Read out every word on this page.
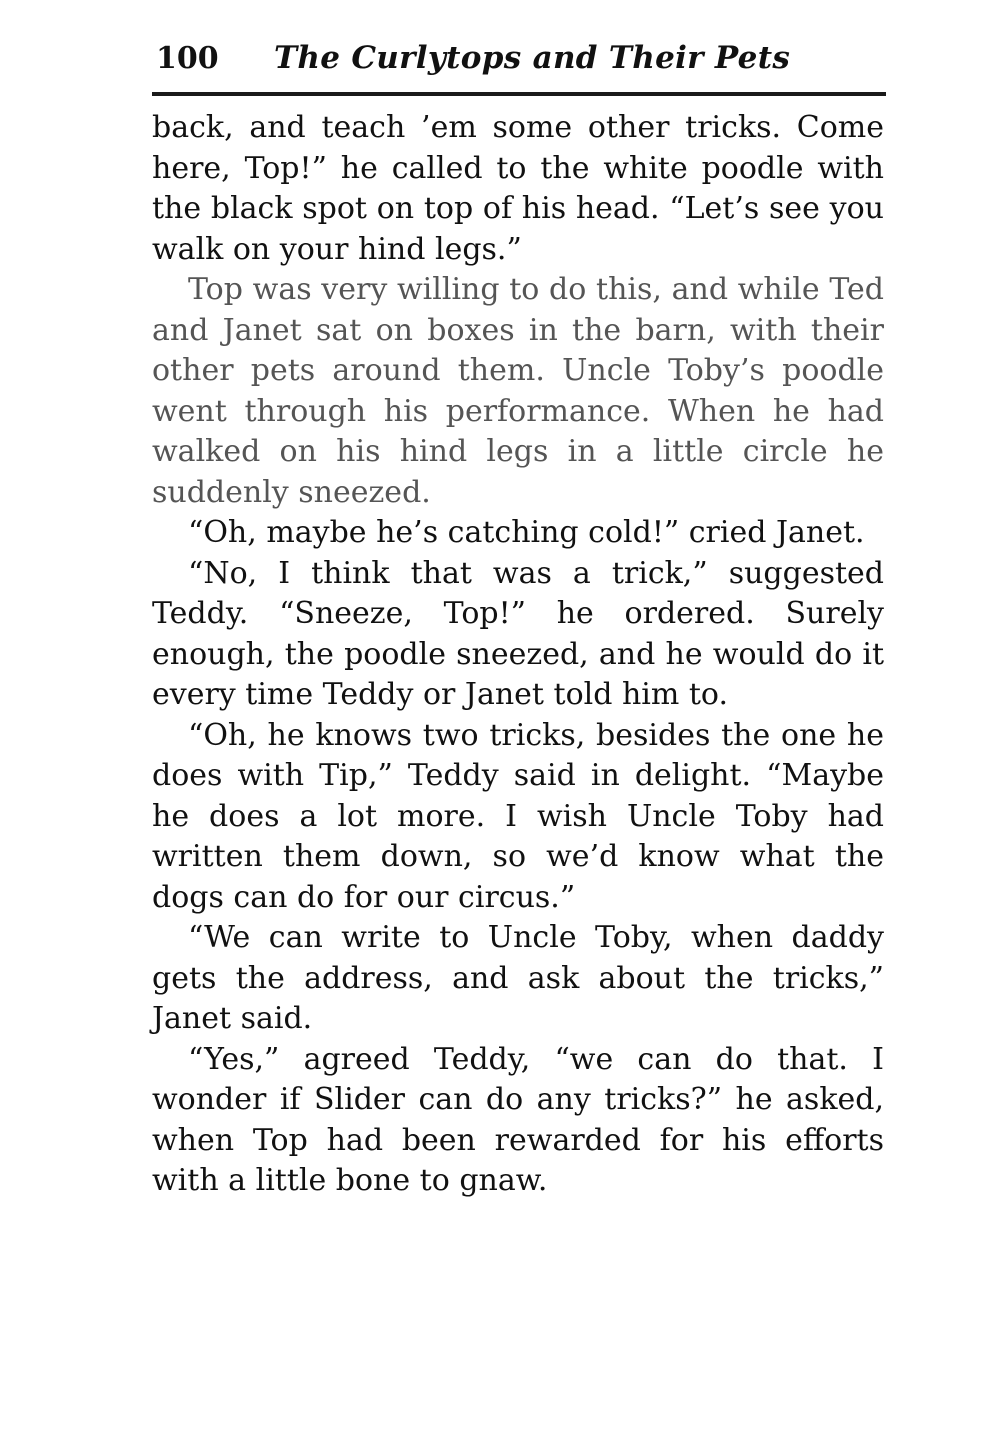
100	The Curlytops and Their Pets

back, and teach ’em some other tricks. Come here, Top!” he called to the white poodle with the black spot on top of his head. “Let’s see you walk on your hind legs.”

Top was very willing to do this, and while Ted and Janet sat on boxes in the barn, with their other pets around them. Uncle Toby’s poodle went through his performance. When he had walked on his hind legs in a little circle he suddenly sneezed.

“Oh, maybe he’s catching cold!” cried Janet.

“No, I think that was a trick,” suggested Teddy. “Sneeze, Top!” he ordered. Surely enough, the poodle sneezed, and he would do it every time Teddy or Janet told him to.

“Oh, he knows two tricks, besides the one he does with Tip,” Teddy said in delight. “Maybe he does a lot more. I wish Uncle Toby had written them down, so we’d know what the dogs can do for our circus.”

“We can write to Uncle Toby, when daddy gets the address, and ask about the tricks,” Janet said.

“Yes,” agreed Teddy, “we can do that. I wonder if Slider can do any tricks?” he asked, when Top had been rewarded for his efforts with a little bone to gnaw.
